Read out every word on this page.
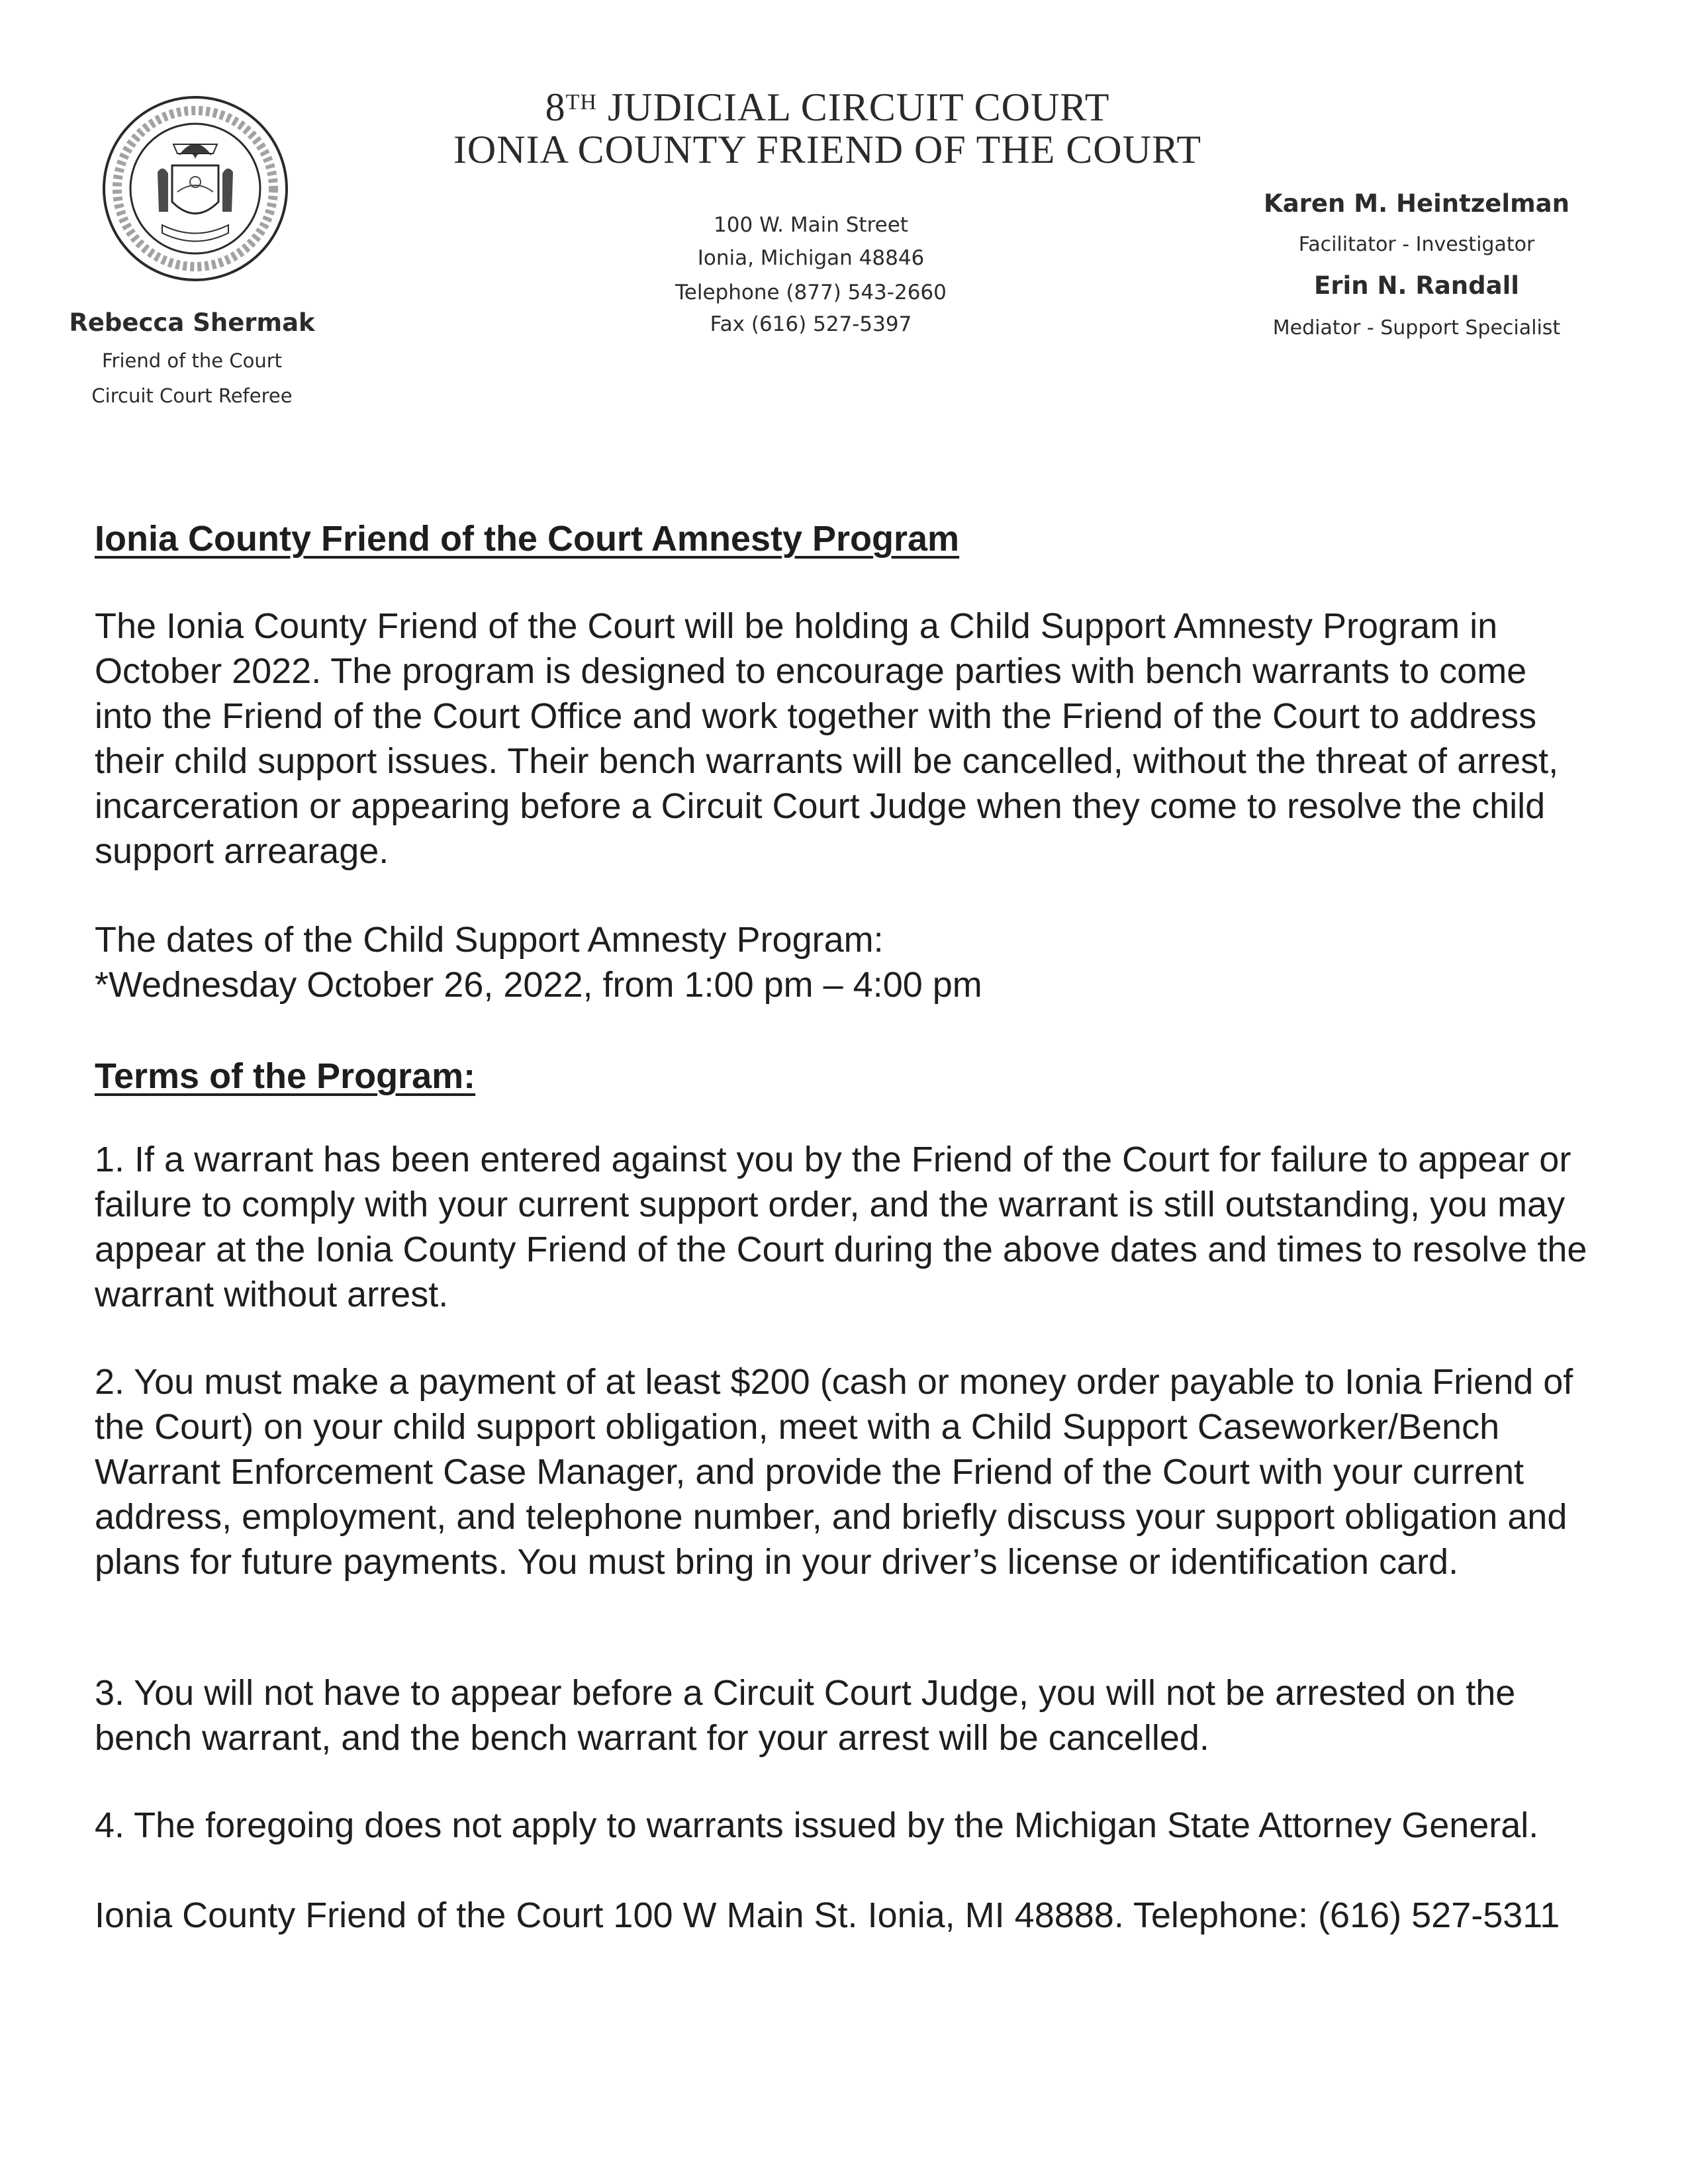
8TH JUDICIAL CIRCUIT COURT
IONIA COUNTY FRIEND OF THE COURT
100 W. Main Street
Ionia, Michigan 48846
Telephone (877) 543-2660
Fax (616) 527-5397
Rebecca Shermak
Friend of the Court
Circuit Court Referee
Karen M. Heintzelman
Facilitator - Investigator
Erin N. Randall
Mediator - Support Specialist
Ionia County Friend of the Court Amnesty Program
The Ionia County Friend of the Court will be holding a Child Support Amnesty Program in October 2022. The program is designed to encourage parties with bench warrants to come into the Friend of the Court Office and work together with the Friend of the Court to address their child support issues. Their bench warrants will be cancelled, without the threat of arrest, incarceration or appearing before a Circuit Court Judge when they come to resolve the child support arrearage.
The dates of the Child Support Amnesty Program:
*Wednesday October 26, 2022, from 1:00 pm – 4:00 pm
Terms of the Program:
1. If a warrant has been entered against you by the Friend of the Court for failure to appear or failure to comply with your current support order, and the warrant is still outstanding, you may appear at the Ionia County Friend of the Court during the above dates and times to resolve the warrant without arrest.
2. You must make a payment of at least $200 (cash or money order payable to Ionia Friend of the Court) on your child support obligation, meet with a Child Support Caseworker/Bench Warrant Enforcement Case Manager, and provide the Friend of the Court with your current address, employment, and telephone number, and briefly discuss your support obligation and plans for future payments. You must bring in your driver’s license or identification card.
3. You will not have to appear before a Circuit Court Judge, you will not be arrested on the bench warrant, and the bench warrant for your arrest will be cancelled.
4. The foregoing does not apply to warrants issued by the Michigan State Attorney General.
Ionia County Friend of the Court 100 W Main St. Ionia, MI 48888. Telephone: (616) 527-5311
